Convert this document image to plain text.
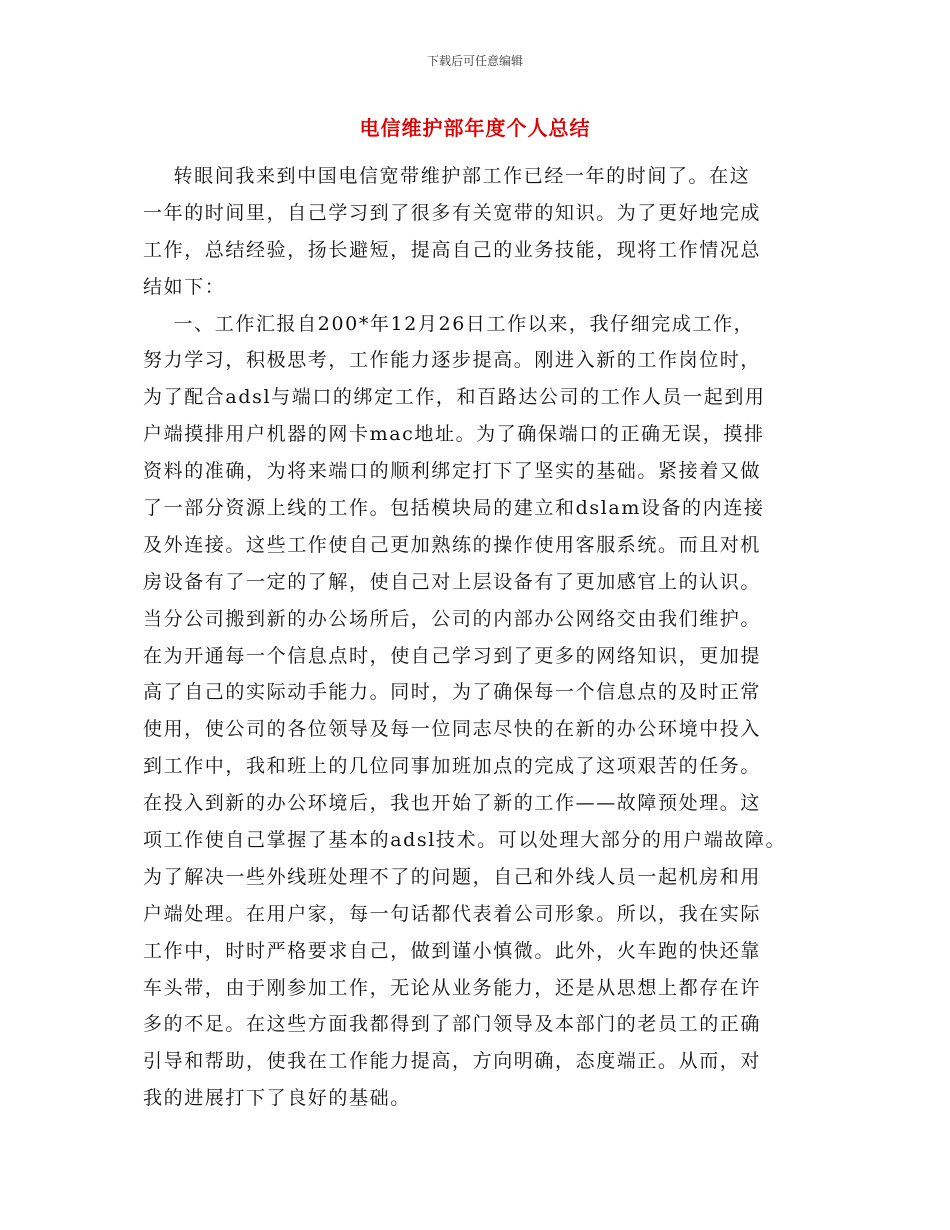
下载后可任意编辑
电信维护部年度个人总结
转眼间我来到中国电信宽带维护部工作已经一年的时间了。在这
一年的时间里，自己学习到了很多有关宽带的知识。为了更好地完成
工作，总结经验，扬长避短，提高自己的业务技能，现将工作情况总
结如下：
一、工作汇报自200*年12月26日工作以来，我仔细完成工作，
努力学习，积极思考，工作能力逐步提高。刚进入新的工作岗位时，
为了配合adsl与端口的绑定工作，和百路达公司的工作人员一起到用
户端摸排用户机器的网卡mac地址。为了确保端口的正确无误，摸排
资料的准确，为将来端口的顺利绑定打下了坚实的基础。紧接着又做
了一部分资源上线的工作。包括模块局的建立和dslam设备的内连接
及外连接。这些工作使自己更加熟练的操作使用客服系统。而且对机
房设备有了一定的了解，使自己对上层设备有了更加感官上的认识。
当分公司搬到新的办公场所后，公司的内部办公网络交由我们维护。
在为开通每一个信息点时，使自己学习到了更多的网络知识，更加提
高了自己的实际动手能力。同时，为了确保每一个信息点的及时正常
使用，使公司的各位领导及每一位同志尽快的在新的办公环境中投入
到工作中，我和班上的几位同事加班加点的完成了这项艰苦的任务。
在投入到新的办公环境后，我也开始了新的工作——故障预处理。这
项工作使自己掌握了基本的adsl技术。可以处理大部分的用户端故障。
为了解决一些外线班处理不了的问题，自己和外线人员一起机房和用
户端处理。在用户家，每一句话都代表着公司形象。所以，我在实际
工作中，时时严格要求自己，做到谨小慎微。此外，火车跑的快还靠
车头带，由于刚参加工作，无论从业务能力，还是从思想上都存在许
多的不足。在这些方面我都得到了部门领导及本部门的老员工的正确
引导和帮助，使我在工作能力提高，方向明确，态度端正。从而，对
我的进展打下了良好的基础。
